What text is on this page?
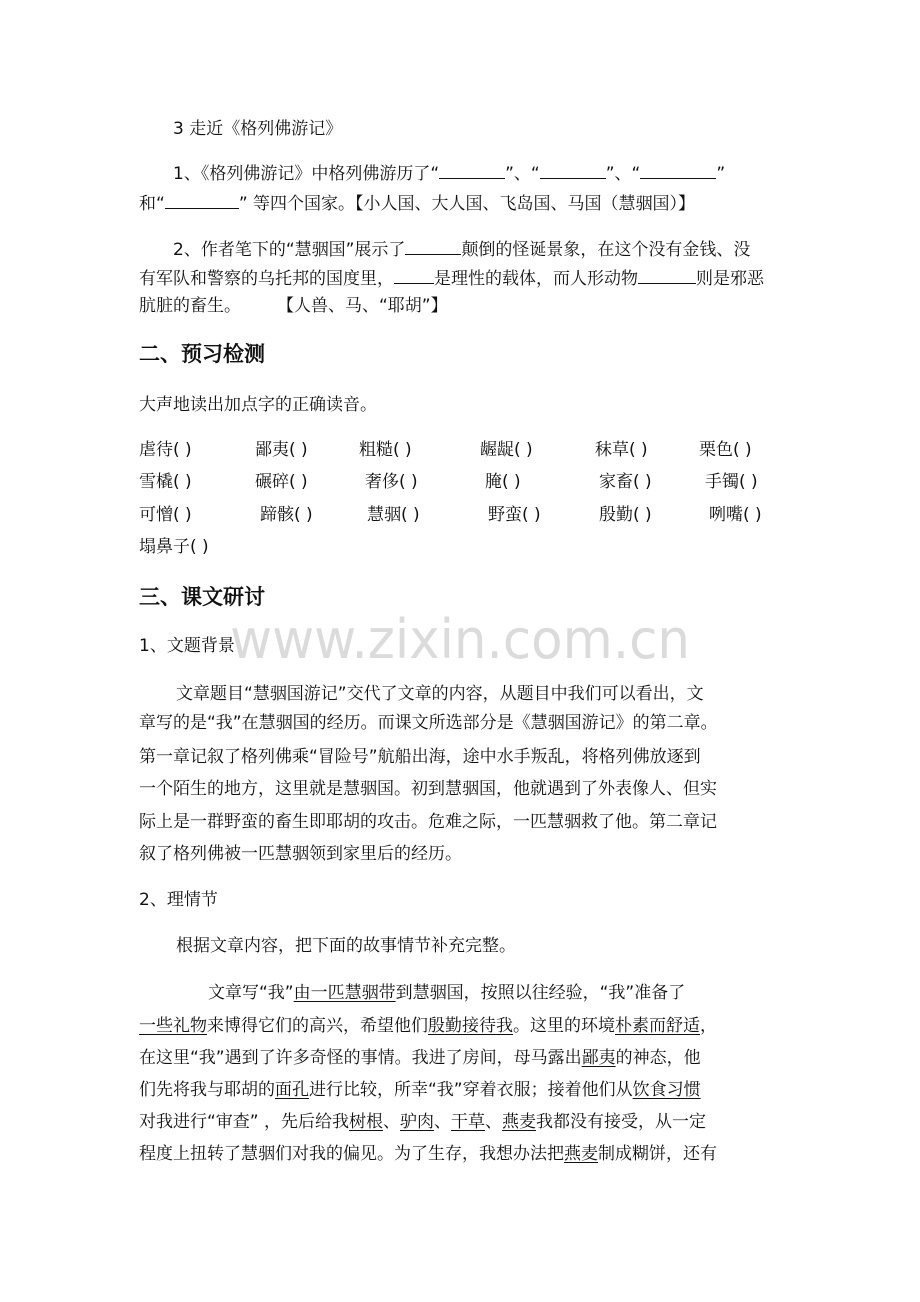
www.zixin.com.cn
3 走近《格列佛游记》
1、《格列佛游记》中格列佛游历了“	”、“	”、“	”
和“	” 等四个国家。【小人国、大人国、飞岛国、马国（慧骃国）】
2、作者笔下的“慧骃国”展示了	颠倒的怪诞景象，在这个没有金钱、没
有军队和警察的乌托邦的国度里， 是理性的载体，而人形动物	则是邪恶
肮脏的畜生。 【人兽、马、“耶胡”】
二、预习检测
大声地读出加点字的正确读音。
虐待( )	鄙夷( )	粗糙( )	龌龊( )	秣草( )	栗色( )
雪橇( )	碾碎( )	奢侈( )	腌( )	家畜( )	手镯( )
可憎( )	蹄骸( )	慧骃( )	野蛮( )	殷勤( )	咧嘴( )
塌鼻子( )
三、课文研讨
1、文题背景
文章题目“慧骃国游记”交代了文章的内容，从题目中我们可以看出，文
章写的是“我”在慧骃国的经历。而课文所选部分是《慧骃国游记》的第二章。
第一章记叙了格列佛乘“冒险号”航船出海，途中水手叛乱，将格列佛放逐到
一个陌生的地方，这里就是慧骃国。初到慧骃国，他就遇到了外表像人、但实
际上是一群野蛮的畜生即耶胡的攻击。危难之际，一匹慧骃救了他。第二章记
叙了格列佛被一匹慧骃领到家里后的经历。
2、理情节
根据文章内容，把下面的故事情节补充完整。
文章写“我”由一匹慧骃带到慧骃国，按照以往经验，“我”准备了
一些礼物来博得它们的高兴，希望他们殷勤接待我。这里的环境朴素而舒适，
在这里“我”遇到了许多奇怪的事情。我进了房间，母马露出鄙夷的神态，他
们先将我与耶胡的面孔进行比较，所幸“我”穿着衣服；接着他们从饮食习惯
对我进行“审查” ，先后给我树根、驴肉、干草、燕麦我都没有接受，从一定
程度上扭转了慧骃们对我的偏见。为了生存，我想办法把燕麦制成糊饼，还有
